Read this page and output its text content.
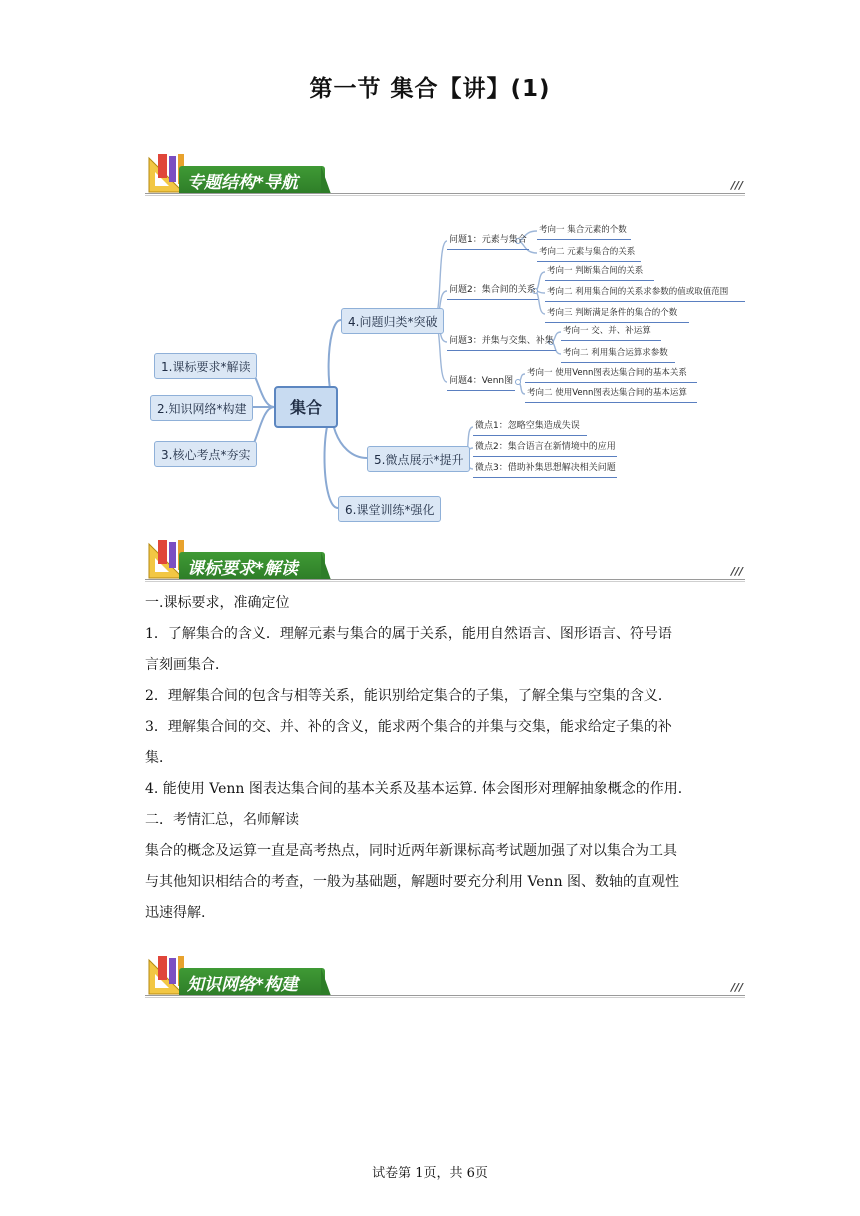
第一节 集合【讲】(1)
专题结构*导航	///
集合
1.课标要求*解读
2.知识网络*构建
3.核心考点*夯实
4.问题归类*突破
5.微点展示*提升
6.课堂训练*强化
问题1：元素与集合
问题2：集合间的关系
问题3：并集与交集、补集
问题4：Venn图
考向一 集合元素的个数
考向二 元素与集合的关系
考向一 判断集合间的关系
考向二 利用集合间的关系求参数的值或取值范围
考向三 判断满足条件的集合的个数
考向一 交、并、补运算
考向二 利用集合运算求参数
考向一 使用Venn图表达集合间的基本关系
考向二 使用Venn图表达集合间的基本运算
微点1：忽略空集造成失误
微点2：集合语言在新情境中的应用
微点3：借助补集思想解决相关问题
课标要求*解读	///

一.课标要求，准确定位

1．了解集合的含义．理解元素与集合的属于关系，能用自然语言、图形语言、符号语

言刻画集合．

2．理解集合间的包含与相等关系，能识别给定集合的子集，了解全集与空集的含义．

3．理解集合间的交、并、补的含义，能求两个集合的并集与交集，能求给定子集的补

集．

4. 能使用 Venn 图表达集合间的基本关系及基本运算. 体会图形对理解抽象概念的作用．

二．考情汇总，名师解读

集合的概念及运算一直是高考热点，同时近两年新课标高考试题加强了对以集合为工具

与其他知识相结合的考查，一般为基础题，解题时要充分利用 Venn 图、数轴的直观性

迅速得解.

知识网络*构建	///
试卷第 1页，共 6页
